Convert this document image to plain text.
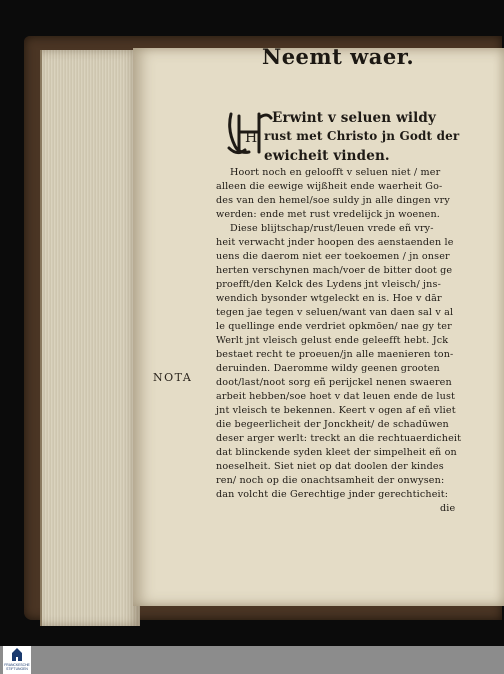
Neemt waer.
H
Erwint v seluen wildy
rust met Christo jn Godt der
ewicheit vinden.
Hoort noch en geloofft v seluen niet / mer
alleen die eewige wijßheit ende waerheit Go-
des van den hemel/soe suldy jn alle dingen vry
werden: ende met rust vredelijck jn woenen.
Diese blijtschap/rust/leuen vrede eñ vry-
heit verwacht jnder hoopen des aenstaenden le
uens die daerom niet eer toekoemen / jn onser
herten verschynen mach/voer de bitter doot ge
proefft/den Kelck des Lydens jnt vleisch/ jns-
wendich bysonder wtgeleckt en is. Hoe v dār
tegen jae tegen v seluen/want van daen sal v al
le quellinge ende verdriet opkmōen/ nae gy ter
Werlt jnt vleisch gelust ende geleefft hebt. Jck
bestaet recht te proeuen/jn alle maenieren ton-
deruinden. Daeromme wildy geenen grooten
doot/last/noot sorg eñ perijckel nenen swaeren
arbeit hebben/soe hoet v dat leuen ende de lust
jnt vleisch te bekennen. Keert v ogen af eñ vliet
die begeerlicheit der Jonckheit/ de schadūwen
deser arger werlt: treckt an die rechtuaerdicheit
dat blinckende syden kleet der simpelheit eñ on
noeselheit. Siet niet op dat doolen der kindes
ren/ noch op die onachtsamheit der onwysen:
dan volcht die Gerechtige jnder gerechticheit:
die
NOTA
FRANCKESCHE
STIFTUNGEN
